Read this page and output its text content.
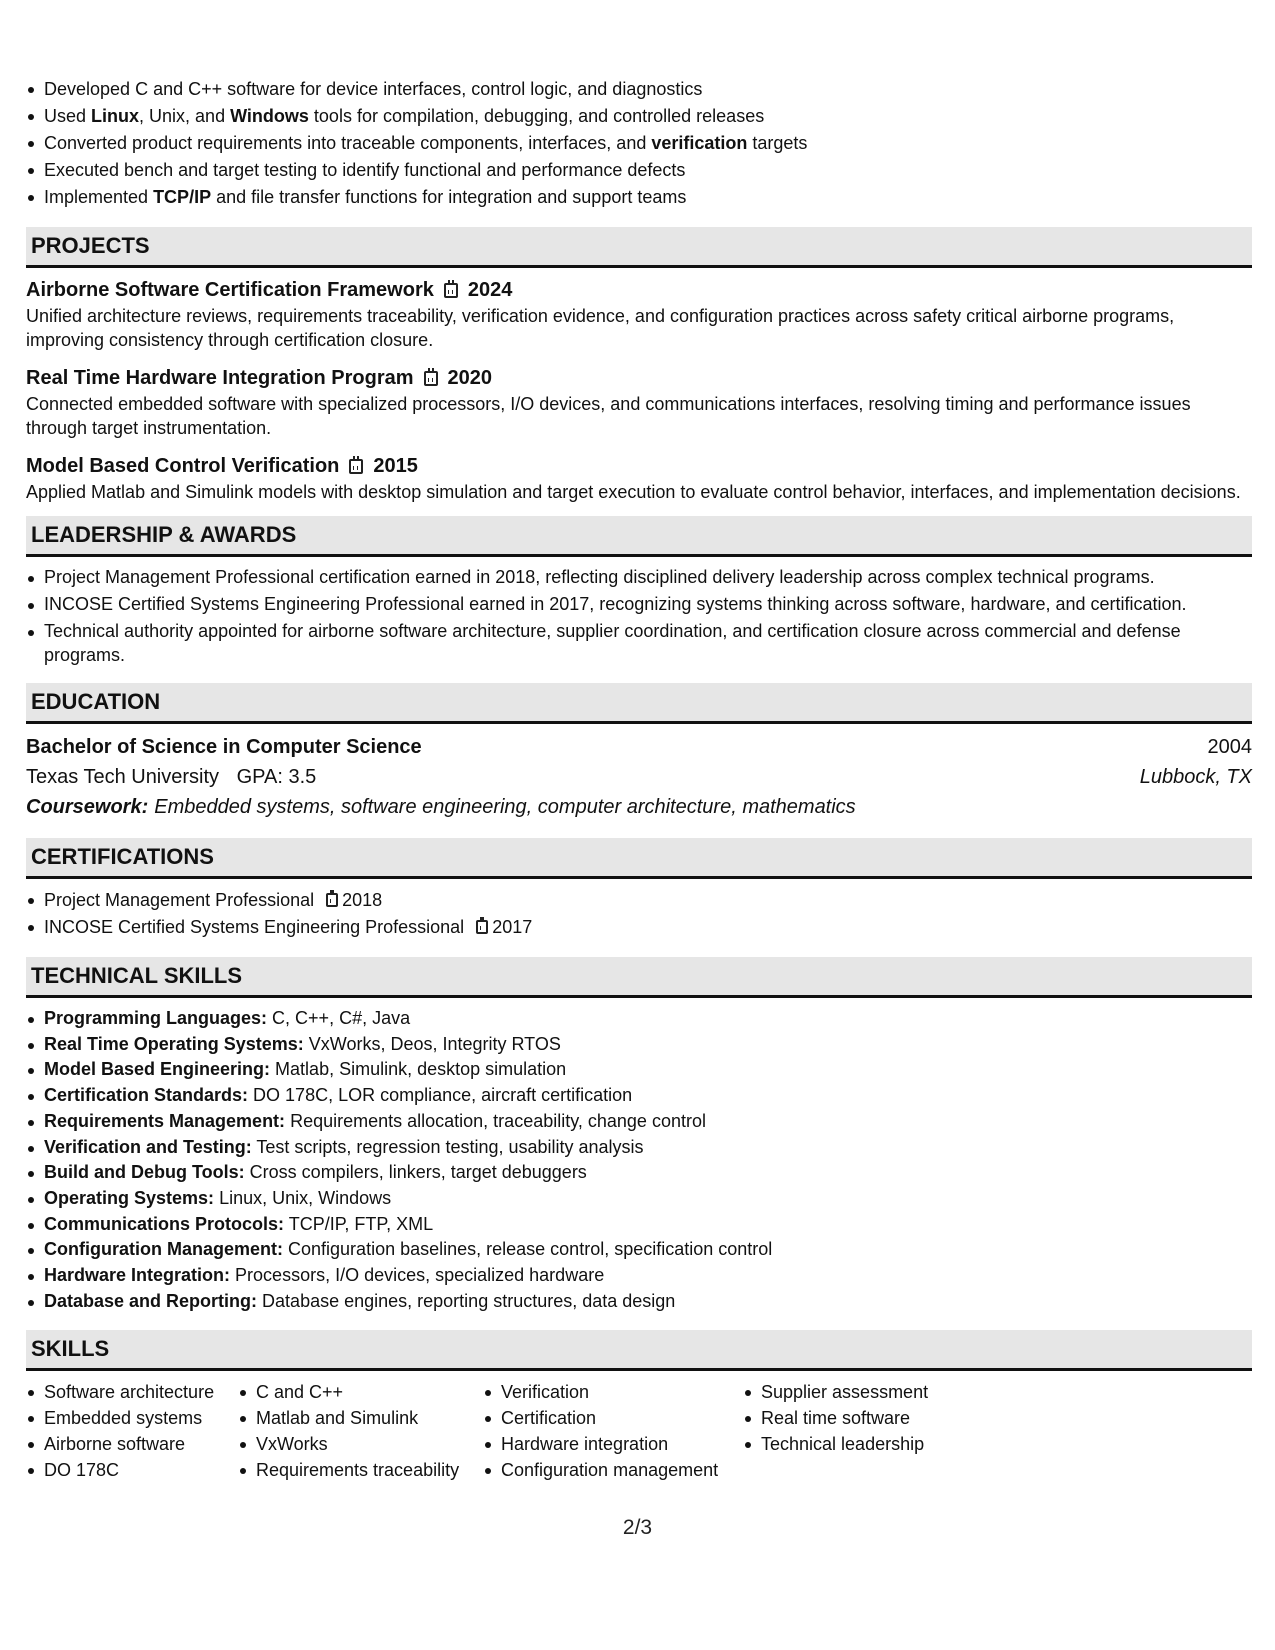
Developed C and C++ software for device interfaces, control logic, and diagnostics
Used Linux, Unix, and Windows tools for compilation, debugging, and controlled releases
Converted product requirements into traceable components, interfaces, and verification targets
Executed bench and target testing to identify functional and performance defects
Implemented TCP/IP and file transfer functions for integration and support teams
PROJECTS
Airborne Software Certification Framework 2024
Unified architecture reviews, requirements traceability, verification evidence, and configuration practices across safety critical airborne programs, improving consistency through certification closure.
Real Time Hardware Integration Program 2020
Connected embedded software with specialized processors, I/O devices, and communications interfaces, resolving timing and performance issues through target instrumentation.
Model Based Control Verification 2015
Applied Matlab and Simulink models with desktop simulation and target execution to evaluate control behavior, interfaces, and implementation decisions.
LEADERSHIP & AWARDS
Project Management Professional certification earned in 2018, reflecting disciplined delivery leadership across complex technical programs.
INCOSE Certified Systems Engineering Professional earned in 2017, recognizing systems thinking across software, hardware, and certification.
Technical authority appointed for airborne software architecture, supplier coordination, and certification closure across commercial and defense programs.
EDUCATION
Bachelor of Science in Computer Science	2004
Texas Tech University GPA: 3.5	Lubbock, TX
Coursework: Embedded systems, software engineering, computer architecture, mathematics
CERTIFICATIONS
Project Management Professional 2018
INCOSE Certified Systems Engineering Professional 2017
TECHNICAL SKILLS
Programming Languages: C, C++, C#, Java
Real Time Operating Systems: VxWorks, Deos, Integrity RTOS
Model Based Engineering: Matlab, Simulink, desktop simulation
Certification Standards: DO 178C, LOR compliance, aircraft certification
Requirements Management: Requirements allocation, traceability, change control
Verification and Testing: Test scripts, regression testing, usability analysis
Build and Debug Tools: Cross compilers, linkers, target debuggers
Operating Systems: Linux, Unix, Windows
Communications Protocols: TCP/IP, FTP, XML
Configuration Management: Configuration baselines, release control, specification control
Hardware Integration: Processors, I/O devices, specialized hardware
Database and Reporting: Database engines, reporting structures, data design
SKILLS
Software architecture
Embedded systems
Airborne software
DO 178C
C and C++
Matlab and Simulink
VxWorks
Requirements traceability
Verification
Certification
Hardware integration
Configuration management
Supplier assessment
Real time software
Technical leadership
2/3
